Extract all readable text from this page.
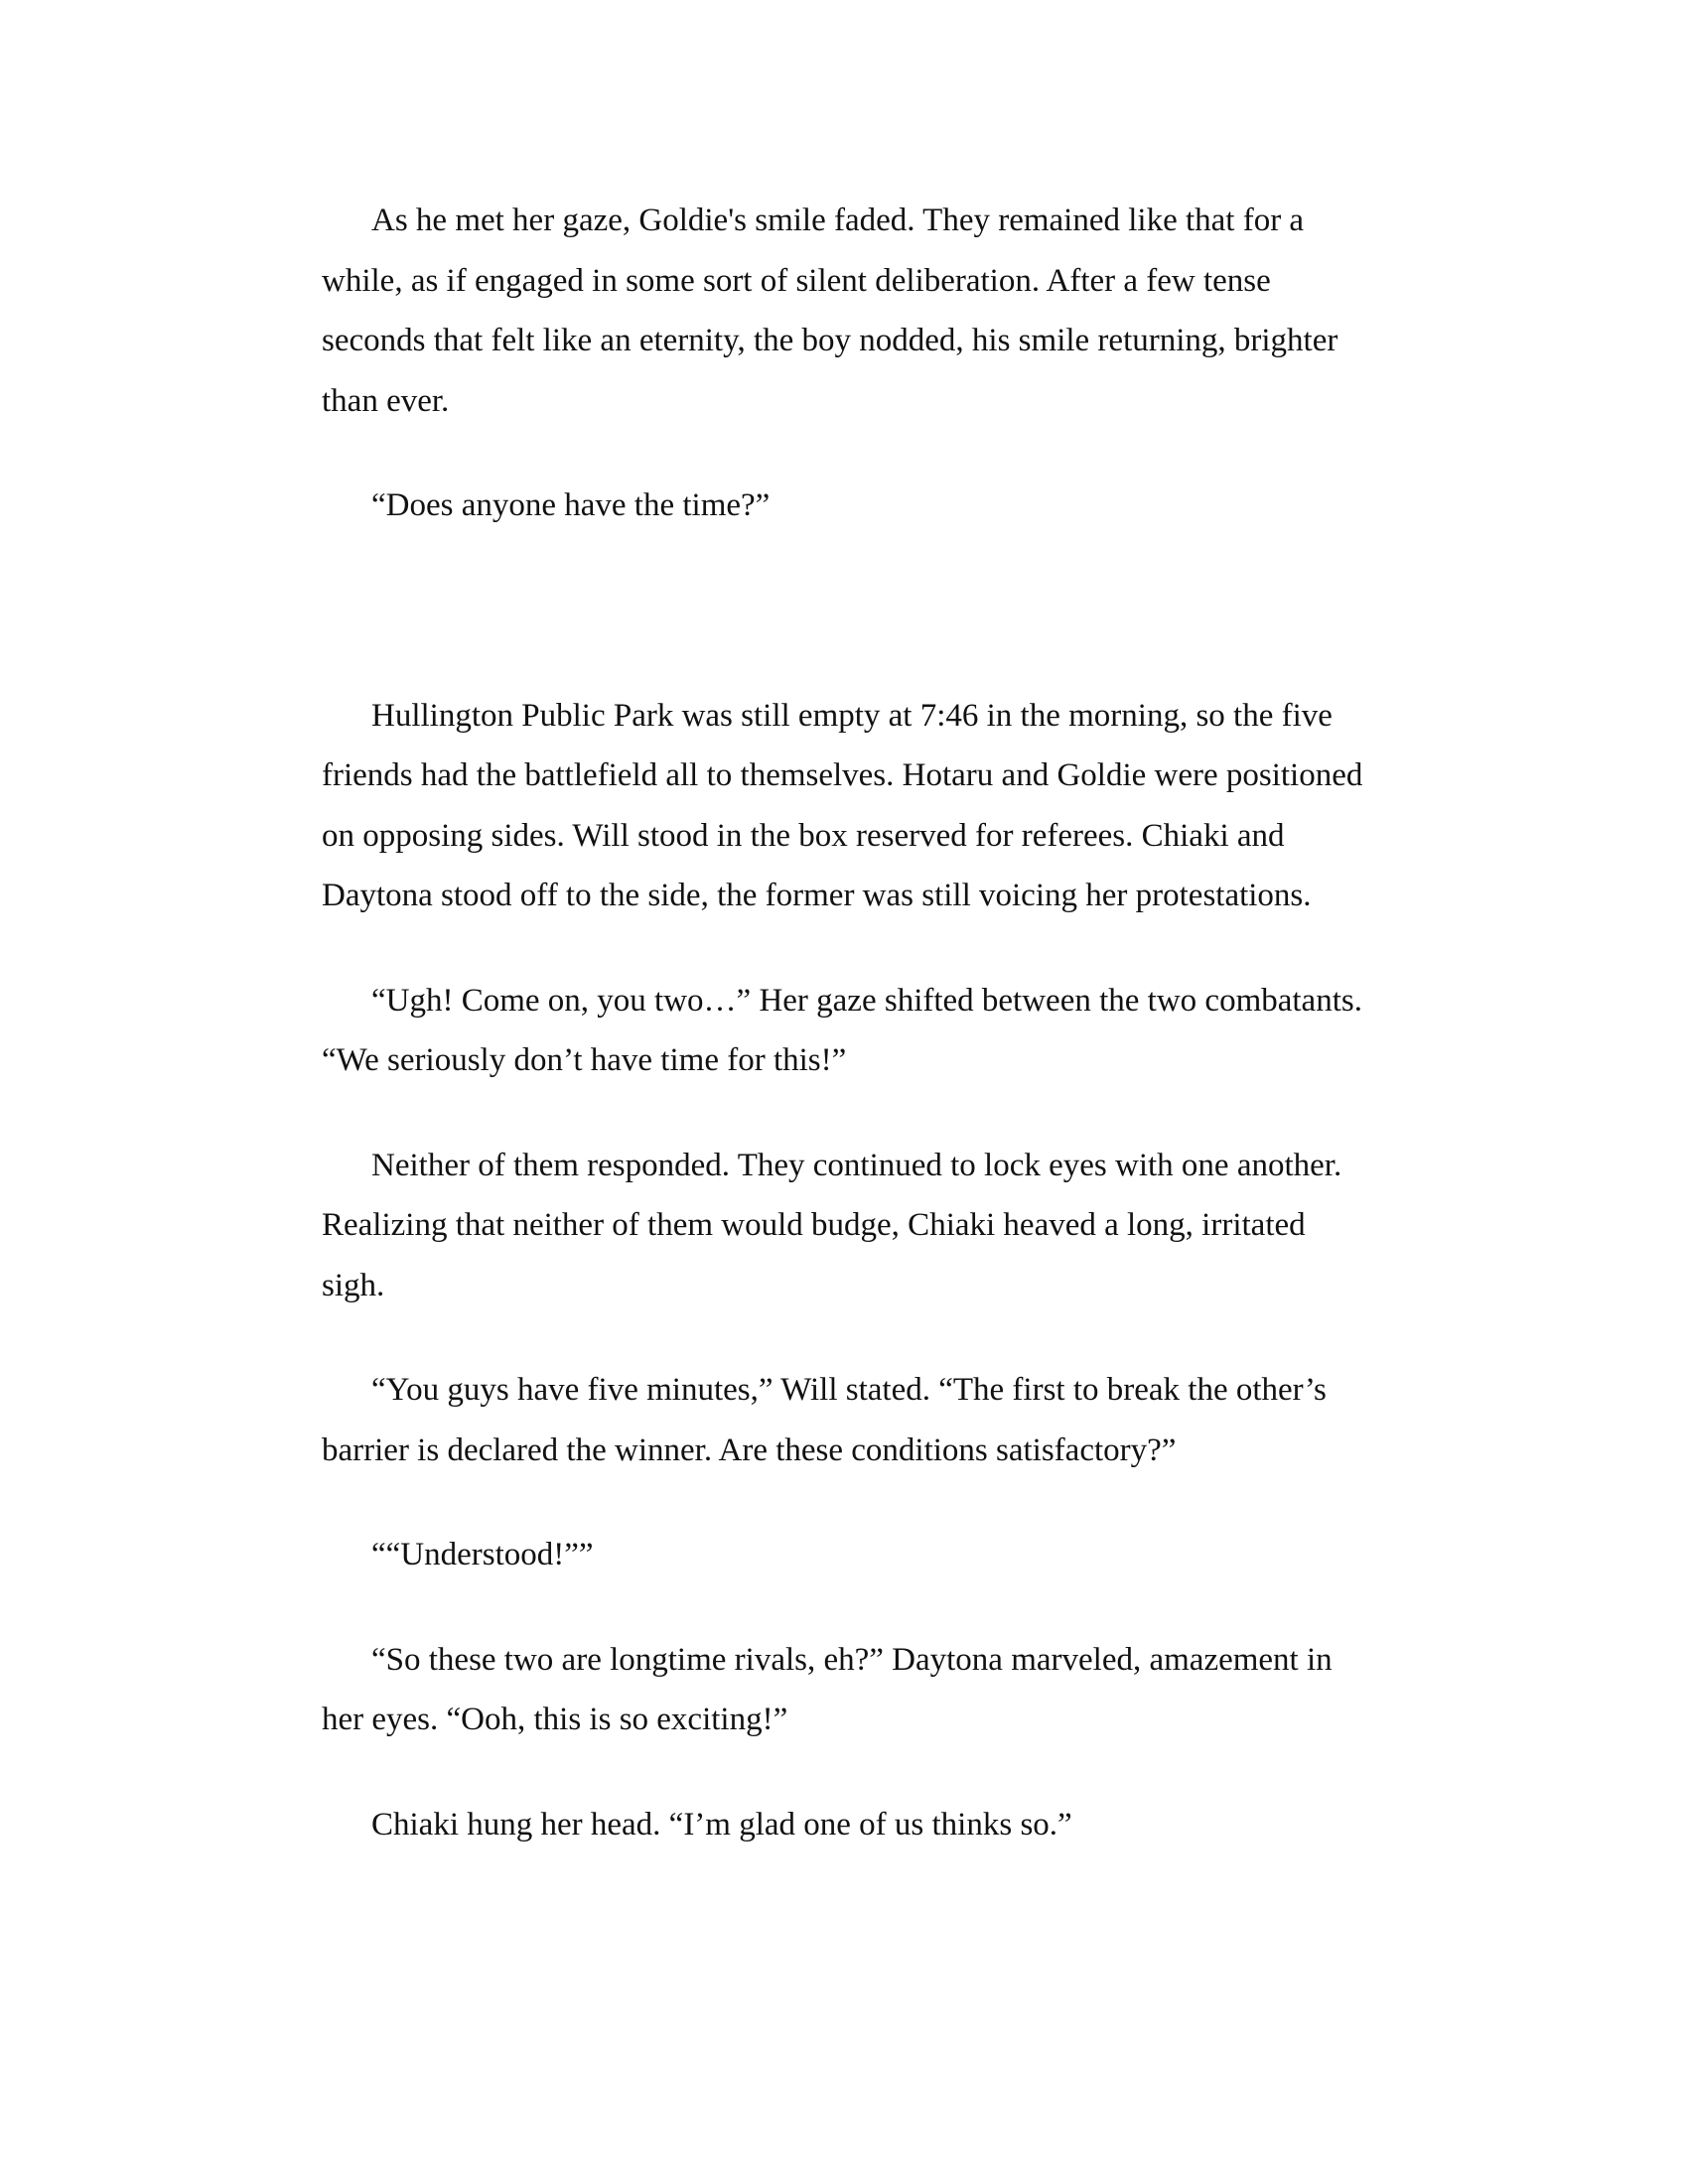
As he met her gaze, Goldie's smile faded. They remained like that for a while, as if engaged in some sort of silent deliberation. After a few tense seconds that felt like an eternity, the boy nodded, his smile returning, brighter than ever.

“Does anyone have the time?”

Hullington Public Park was still empty at 7:46 in the morning, so the five friends had the battlefield all to themselves. Hotaru and Goldie were positioned on opposing sides. Will stood in the box reserved for referees. Chiaki and Daytona stood off to the side, the former was still voicing her protestations.

“Ugh! Come on, you two…” Her gaze shifted between the two combatants. “We seriously don’t have time for this!”

Neither of them responded. They continued to lock eyes with one another. Realizing that neither of them would budge, Chiaki heaved a long, irritated sigh.

“You guys have five minutes,” Will stated. “The first to break the other’s barrier is declared the winner. Are these conditions satisfactory?”

““Understood!””

“So these two are longtime rivals, eh?” Daytona marveled, amazement in her eyes. “Ooh, this is so exciting!”

Chiaki hung her head. “I’m glad one of us thinks so.”
